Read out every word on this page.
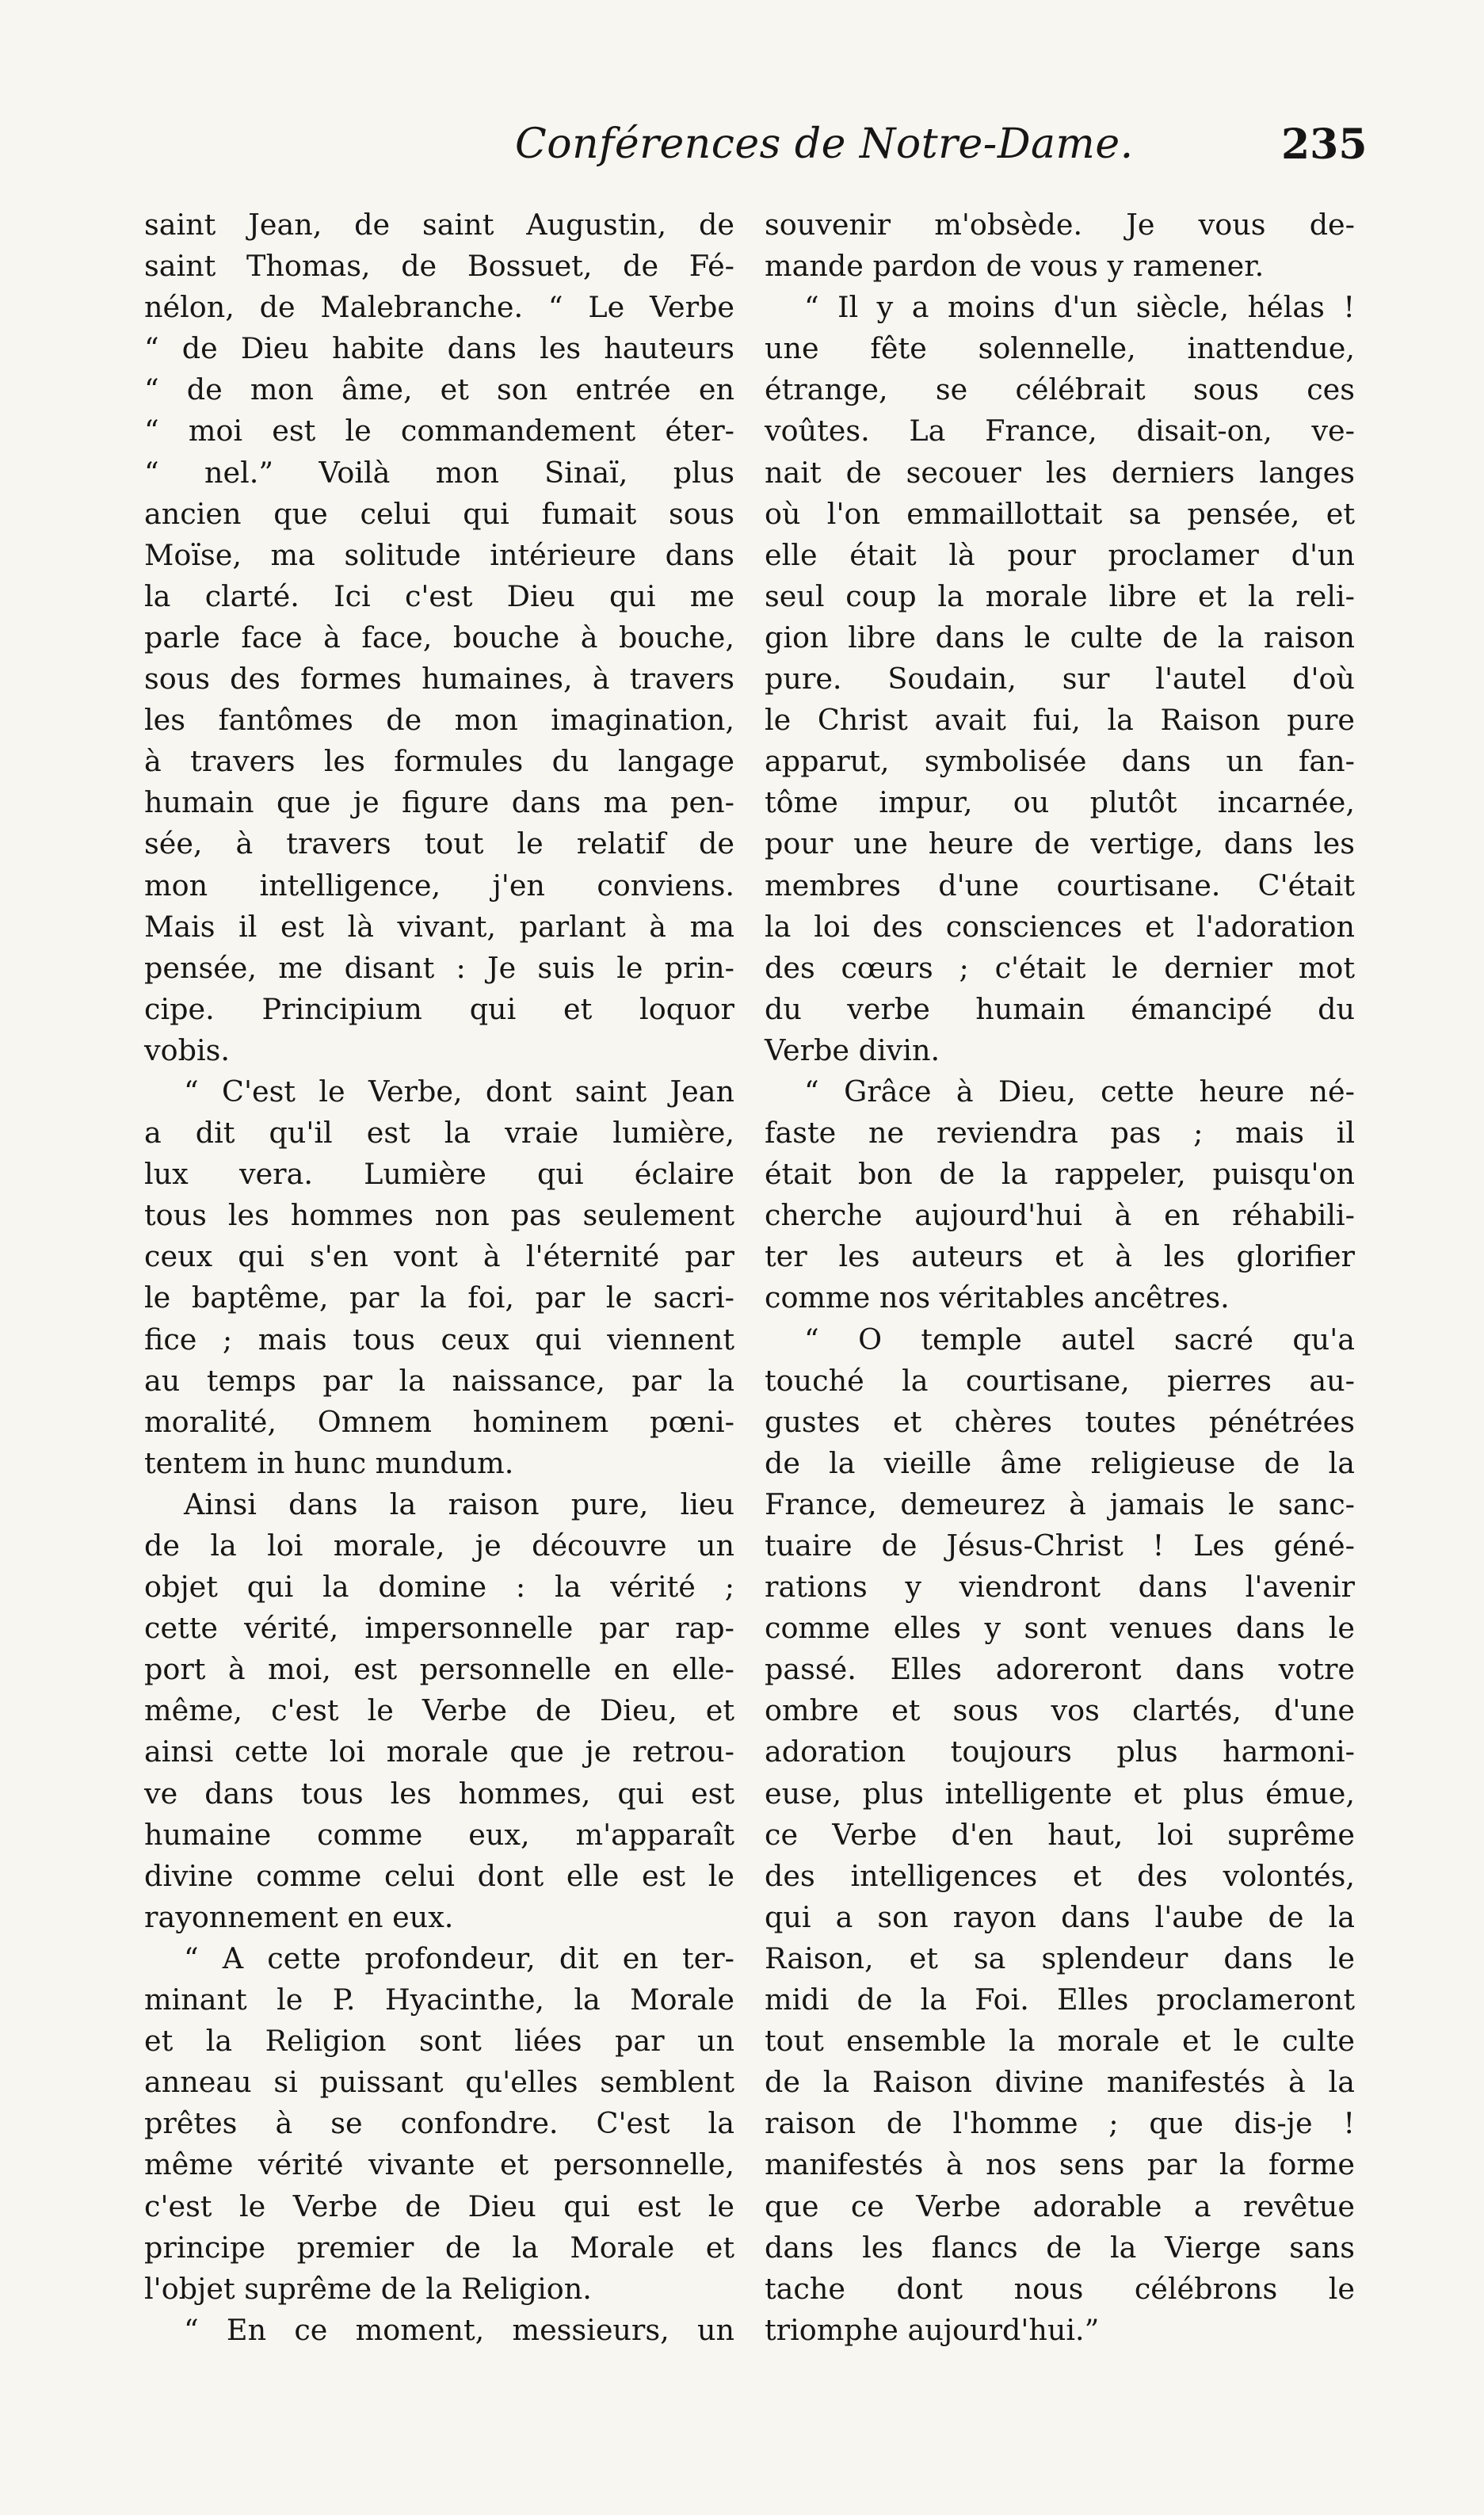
Conférences de Notre-Dame.	235
saint Jean, de saint Augustin, de
saint Thomas, de Bossuet, de Fé-
nélon, de Malebranche. “ Le Verbe
“ de Dieu habite dans les hauteurs
“ de mon âme, et son entrée en
“ moi est le commandement éter-
“ nel.” Voilà mon Sinaï, plus
ancien que celui qui fumait sous
Moïse, ma solitude intérieure dans
la clarté. Ici c'est Dieu qui me
parle face à face, bouche à bouche,
sous des formes humaines, à travers
les fantômes de mon imagination,
à travers les formules du langage
humain que je figure dans ma pen-
sée, à travers tout le relatif de
mon intelligence, j'en conviens.
Mais il est là vivant, parlant à ma
pensée, me disant : Je suis le prin-
cipe. Principium qui et loquor
vobis.
“ C'est le Verbe, dont saint Jean
a dit qu'il est la vraie lumière,
lux vera. Lumière qui éclaire
tous les hommes non pas seulement
ceux qui s'en vont à l'éternité par
le baptême, par la foi, par le sacri-
fice ; mais tous ceux qui viennent
au temps par la naissance, par la
moralité, Omnem hominem pœni-
tentem in hunc mundum.
Ainsi dans la raison pure, lieu
de la loi morale, je découvre un
objet qui la domine : la vérité ;
cette vérité, impersonnelle par rap-
port à moi, est personnelle en elle-
même, c'est le Verbe de Dieu, et
ainsi cette loi morale que je retrou-
ve dans tous les hommes, qui est
humaine comme eux, m'apparaît
divine comme celui dont elle est le
rayonnement en eux.
“ A cette profondeur, dit en ter-
minant le P. Hyacinthe, la Morale
et la Religion sont liées par un
anneau si puissant qu'elles semblent
prêtes à se confondre. C'est la
même vérité vivante et personnelle,
c'est le Verbe de Dieu qui est le
principe premier de la Morale et
l'objet suprême de la Religion.
“ En ce moment, messieurs, un
souvenir m'obsède. Je vous de-
mande pardon de vous y ramener.
“ Il y a moins d'un siècle, hélas !
une fête solennelle, inattendue,
étrange, se célébrait sous ces
voûtes. La France, disait-on, ve-
nait de secouer les derniers langes
où l'on emmaillottait sa pensée, et
elle était là pour proclamer d'un
seul coup la morale libre et la reli-
gion libre dans le culte de la raison
pure. Soudain, sur l'autel d'où
le Christ avait fui, la Raison pure
apparut, symbolisée dans un fan-
tôme impur, ou plutôt incarnée,
pour une heure de vertige, dans les
membres d'une courtisane. C'était
la loi des consciences et l'adoration
des cœurs ; c'était le dernier mot
du verbe humain émancipé du
Verbe divin.
“ Grâce à Dieu, cette heure né-
faste ne reviendra pas ; mais il
était bon de la rappeler, puisqu'on
cherche aujourd'hui à en réhabili-
ter les auteurs et à les glorifier
comme nos véritables ancêtres.
“ O temple autel sacré qu'a
touché la courtisane, pierres au-
gustes et chères toutes pénétrées
de la vieille âme religieuse de la
France, demeurez à jamais le sanc-
tuaire de Jésus-Christ ! Les géné-
rations y viendront dans l'avenir
comme elles y sont venues dans le
passé. Elles adoreront dans votre
ombre et sous vos clartés, d'une
adoration toujours plus harmoni-
euse, plus intelligente et plus émue,
ce Verbe d'en haut, loi suprême
des intelligences et des volontés,
qui a son rayon dans l'aube de la
Raison, et sa splendeur dans le
midi de la Foi. Elles proclameront
tout ensemble la morale et le culte
de la Raison divine manifestés à la
raison de l'homme ; que dis-je !
manifestés à nos sens par la forme
que ce Verbe adorable a revêtue
dans les flancs de la Vierge sans
tache dont nous célébrons le
triomphe aujourd'hui.”
